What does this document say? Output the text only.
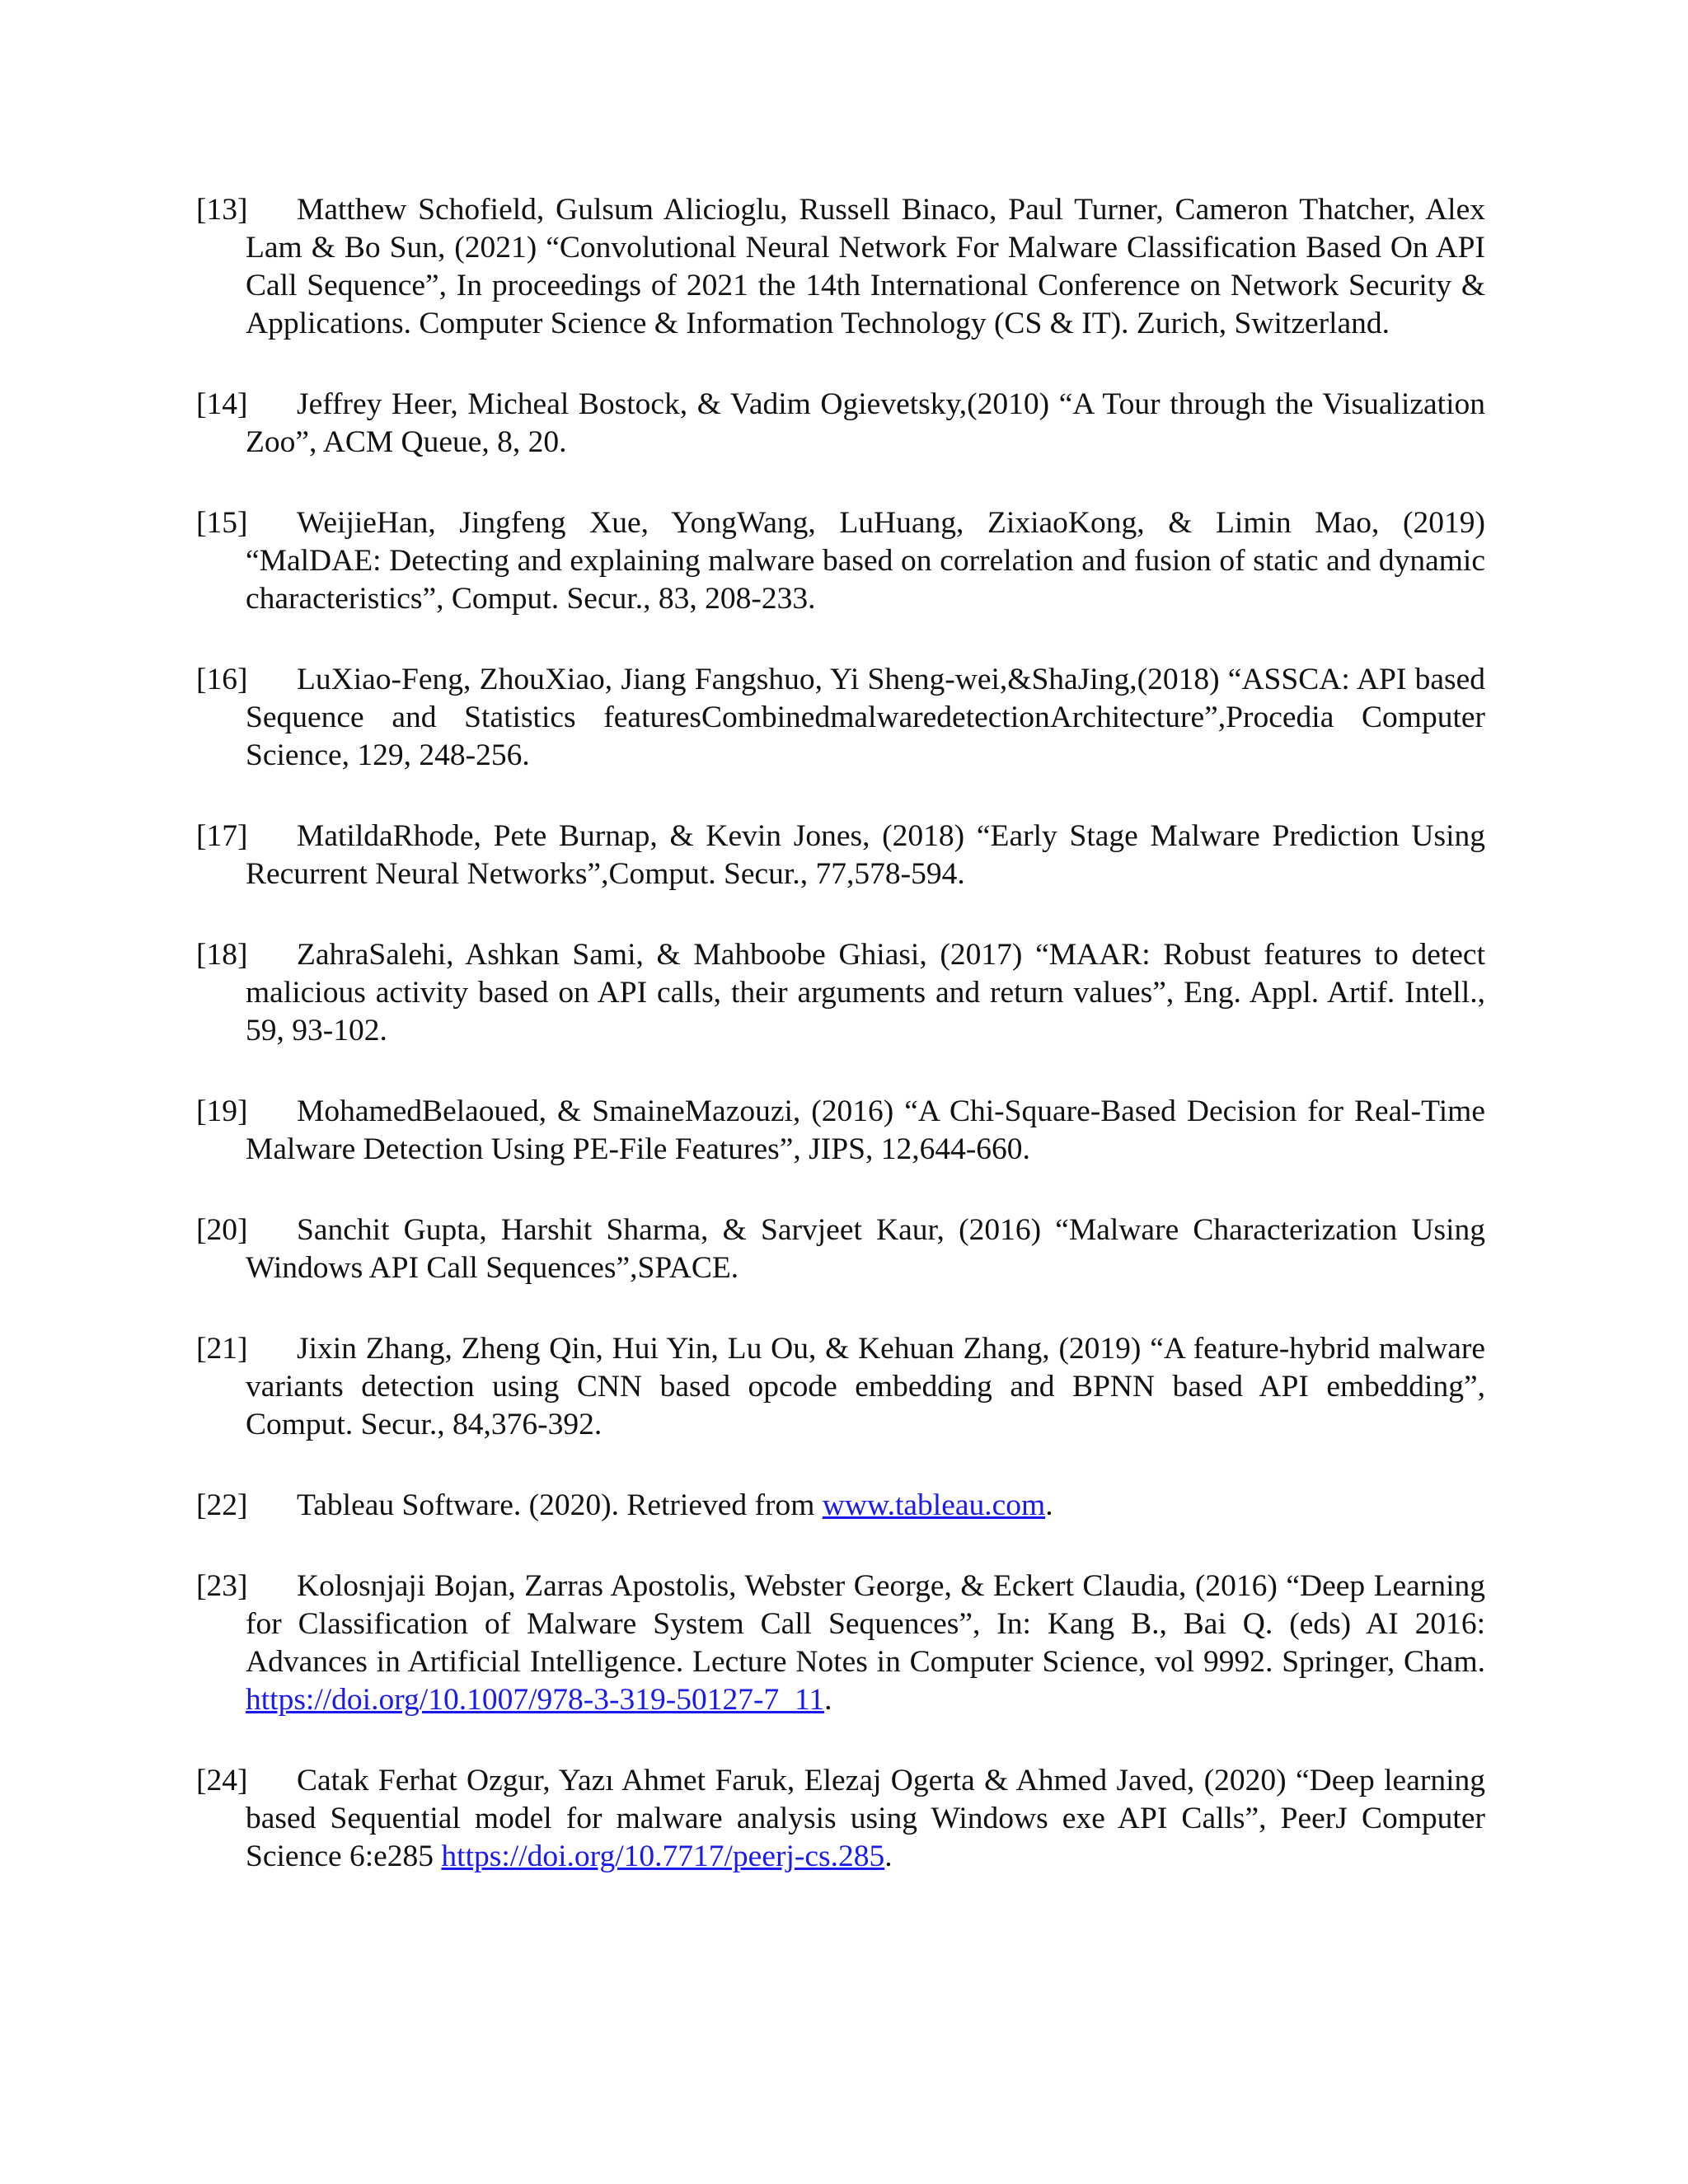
[13] Matthew Schofield, Gulsum Alicioglu, Russell Binaco, Paul Turner, Cameron Thatcher, Alex Lam & Bo Sun, (2021) “Convolutional Neural Network For Malware Classification Based On API Call Sequence”, In proceedings of 2021 the 14th International Conference on Network Security & Applications. Computer Science & Information Technology (CS & IT). Zurich, Switzerland.
[14] Jeffrey Heer, Micheal Bostock, & Vadim Ogievetsky,(2010) “A Tour through the Visualization Zoo”, ACM Queue, 8, 20.
[15] WeijieHan, Jingfeng Xue, YongWang, LuHuang, ZixiaoKong, & Limin Mao, (2019) “MalDAE: Detecting and explaining malware based on correlation and fusion of static and dynamic characteristics”, Comput. Secur., 83, 208-233.
[16] LuXiao-Feng, ZhouXiao, Jiang Fangshuo, Yi Sheng-wei,&ShaJing,(2018) “ASSCA: API based Sequence and Statistics featuresCombinedmalwaredetectionArchitecture”,Procedia Computer Science, 129, 248-256.
[17] MatildaRhode, Pete Burnap, & Kevin Jones, (2018) “Early Stage Malware Prediction Using Recurrent Neural Networks”,Comput. Secur., 77,578-594.
[18] ZahraSalehi, Ashkan Sami, & Mahboobe Ghiasi, (2017) “MAAR: Robust features to detect malicious activity based on API calls, their arguments and return values”, Eng. Appl. Artif. Intell., 59, 93-102.
[19] MohamedBelaoued, & SmaineMazouzi, (2016) “A Chi-Square-Based Decision for Real-Time Malware Detection Using PE-File Features”, JIPS, 12,644-660.
[20] Sanchit Gupta, Harshit Sharma, & Sarvjeet Kaur, (2016) “Malware Characterization Using Windows API Call Sequences”,SPACE.
[21] Jixin Zhang, Zheng Qin, Hui Yin, Lu Ou, & Kehuan Zhang, (2019) “A feature-hybrid malware variants detection using CNN based opcode embedding and BPNN based API embedding”, Comput. Secur., 84,376-392.
[22] Tableau Software. (2020). Retrieved from www.tableau.com.
[23] Kolosnjaji Bojan, Zarras Apostolis, Webster George, & Eckert Claudia, (2016) “Deep Learning for Classification of Malware System Call Sequences”, In: Kang B., Bai Q. (eds) AI 2016: Advances in Artificial Intelligence. Lecture Notes in Computer Science, vol 9992. Springer, Cham. https://doi.org/10.1007/978-3-319-50127-7_11.
[24] Catak Ferhat Ozgur, Yazı Ahmet Faruk, Elezaj Ogerta & Ahmed Javed, (2020) “Deep learning based Sequential model for malware analysis using Windows exe API Calls”, PeerJ Computer Science 6:e285 https://doi.org/10.7717/peerj-cs.285.
